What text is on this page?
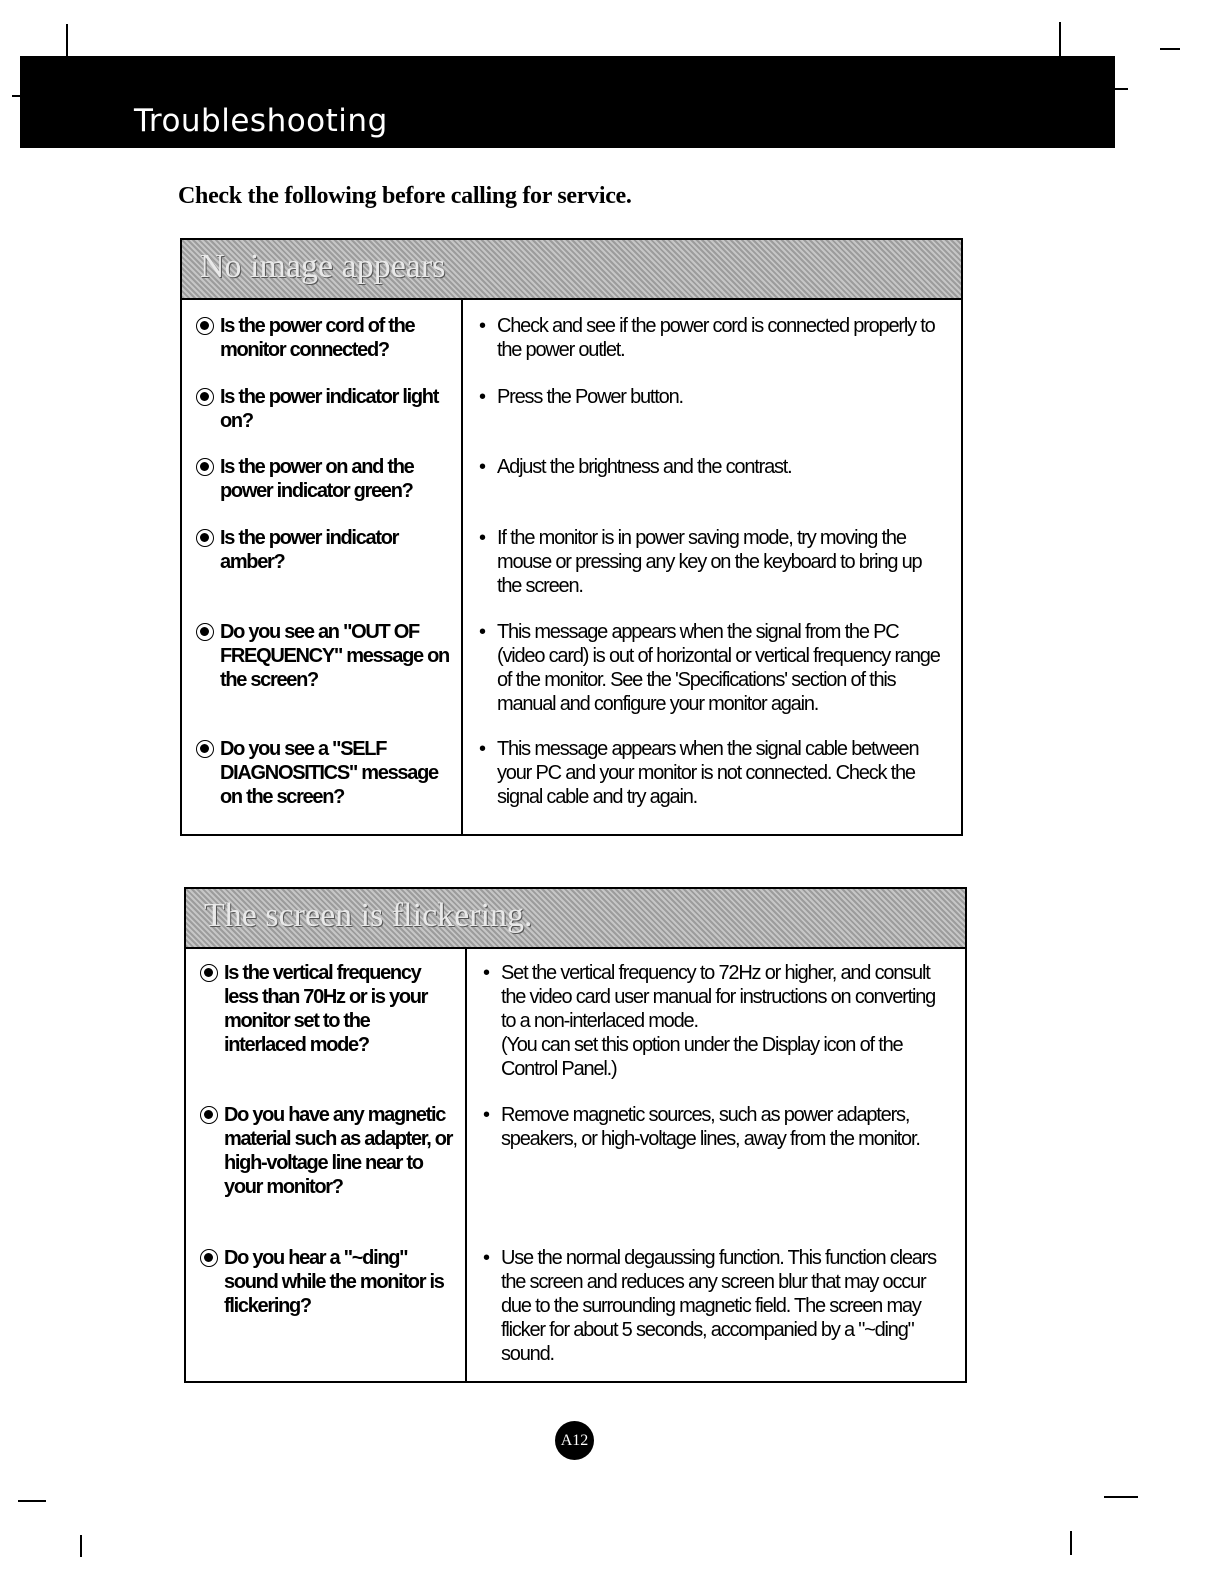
Troubleshooting
Check the following before calling for service.
No image appears
Is the power cord of the monitor connected?
• Check and see if the power cord is connected properly to the power outlet.
Is the power indicator light on?
• Press the Power button.
Is the power on and the power indicator green?
• Adjust the brightness and the contrast.
Is the power indicator amber?
• If the monitor is in power saving mode, try moving the mouse or pressing any key on the keyboard to bring up the screen.
Do you see an "OUT OF FREQUENCY" message on the screen?
• This message appears when the signal from the PC (video card) is out of horizontal or vertical frequency range of the monitor. See the 'Specifications' section of this manual and configure your monitor again.
Do you see a "SELF DIAGNOSITICS" message on the screen?
• This message appears when the signal cable between your PC and your monitor is not connected. Check the signal cable and try again.
The screen is flickering.
Is the vertical frequency less than 70Hz or is your monitor set to the interlaced mode?
• Set the vertical frequency to 72Hz or higher, and consult the video card user manual for instructions on converting to a non-interlaced mode.
(You can set this option under the Display icon of the Control Panel.)
Do you have any magnetic material such as adapter, or high-voltage line near to your monitor?
• Remove magnetic sources, such as power adapters, speakers, or high-voltage lines, away from the monitor.
Do you hear a "~ding" sound while the monitor is flickering?
• Use the normal degaussing function. This function clears the screen and reduces any screen blur that may occur due to the surrounding magnetic field. The screen may flicker for about 5 seconds, accompanied by a "~ding" sound.
A12
